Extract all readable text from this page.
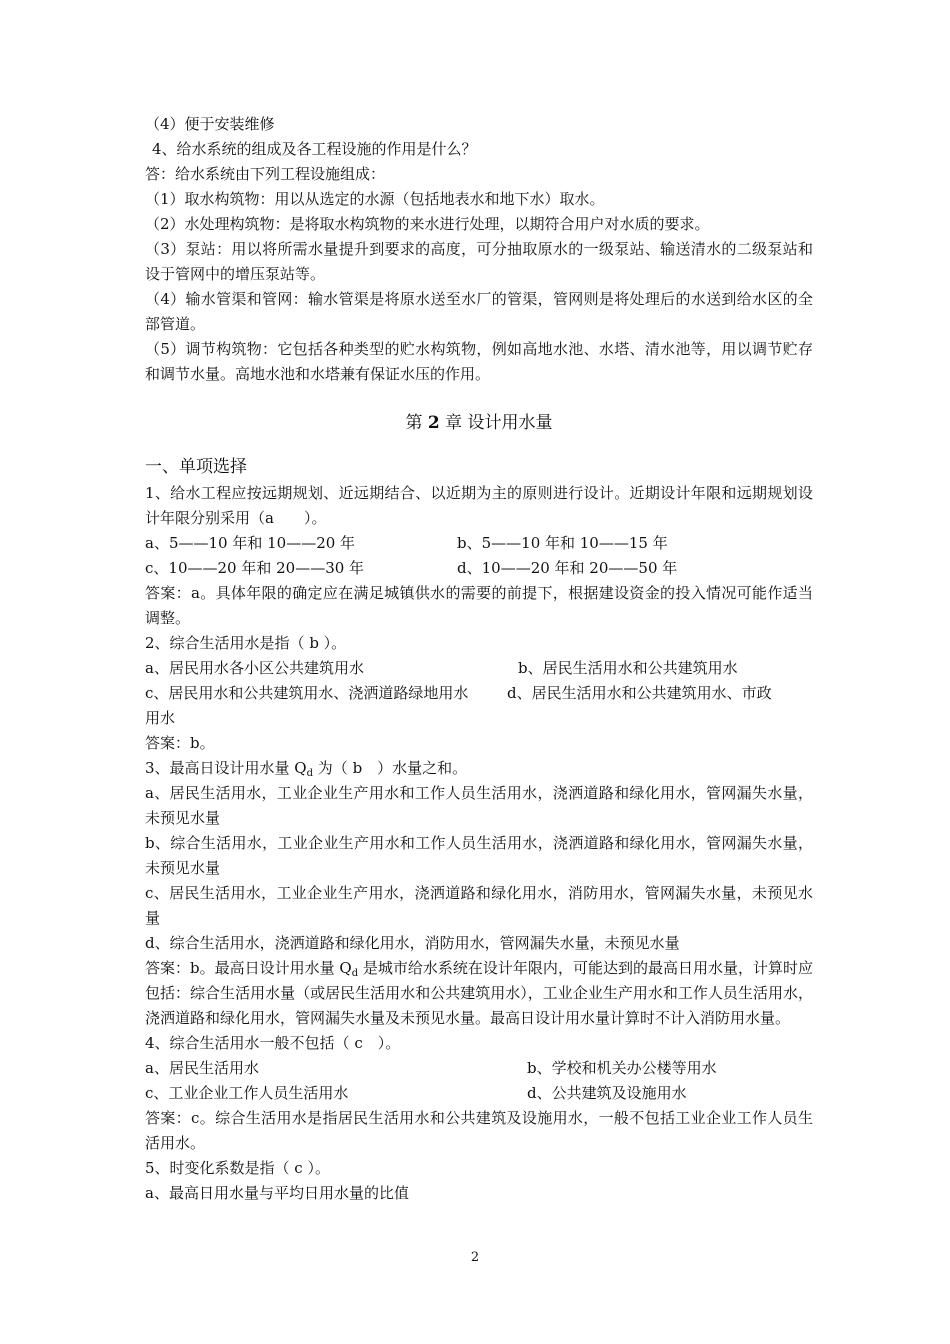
（4）便于安装维修
4、给水系统的组成及各工程设施的作用是什么？
答：给水系统由下列工程设施组成：
（1）取水构筑物：用以从选定的水源（包括地表水和地下水）取水。
（2）水处理构筑物：是将取水构筑物的来水进行处理，以期符合用户对水质的要求。
（3）泵站：用以将所需水量提升到要求的高度，可分抽取原水的一级泵站、输送清水的二级泵站和设于管网中的增压泵站等。
（4）输水管渠和管网：输水管渠是将原水送至水厂的管渠，管网则是将处理后的水送到给水区的全部管道。
（5）调节构筑物：它包括各种类型的贮水构筑物，例如高地水池、水塔、清水池等，用以调节贮存和调节水量。高地水池和水塔兼有保证水压的作用。
第 2 章 设计用水量
一、单项选择
1、给水工程应按远期规划、近远期结合、以近期为主的原则进行设计。近期设计年限和远期规划设计年限分别采用（a　　）。
a、5——10 年和 10——20 年	b、5——10 年和 10——15 年
c、10——20 年和 20——30 年	d、10——20 年和 20——50 年
答案：a。具体年限的确定应在满足城镇供水的需要的前提下，根据建设资金的投入情况可能作适当调整。
2、综合生活用水是指（ b ）。
a、居民用水各小区公共建筑用水	b、居民生活用水和公共建筑用水
c、居民用水和公共建筑用水、浇洒道路绿地用水	d、居民生活用水和公共建筑用水、市政
用水
答案：b。
3、最高日设计用水量 $Q_d$ 为（ b　）水量之和。
a、居民生活用水，工业企业生产用水和工作人员生活用水，浇洒道路和绿化用水，管网漏失水量，未预见水量
b、综合生活用水，工业企业生产用水和工作人员生活用水，浇洒道路和绿化用水，管网漏失水量，未预见水量
c、居民生活用水，工业企业生产用水，浇洒道路和绿化用水，消防用水，管网漏失水量，未预见水量
d、综合生活用水，浇洒道路和绿化用水，消防用水，管网漏失水量，未预见水量
答案：b。最高日设计用水量 $Q_d$ 是城市给水系统在设计年限内，可能达到的最高日用水量，计算时应包括：综合生活用水量（或居民生活用水和公共建筑用水），工业企业生产用水和工作人员生活用水，浇洒道路和绿化用水，管网漏失水量及未预见水量。最高日设计用水量计算时不计入消防用水量。
4、综合生活用水一般不包括（ c　）。
a、居民生活用水	b、学校和机关办公楼等用水
c、工业企业工作人员生活用水	d、公共建筑及设施用水
答案：c。综合生活用水是指居民生活用水和公共建筑及设施用水，一般不包括工业企业工作人员生活用水。
5、时变化系数是指（ c ）。
a、最高日用水量与平均日用水量的比值
2
